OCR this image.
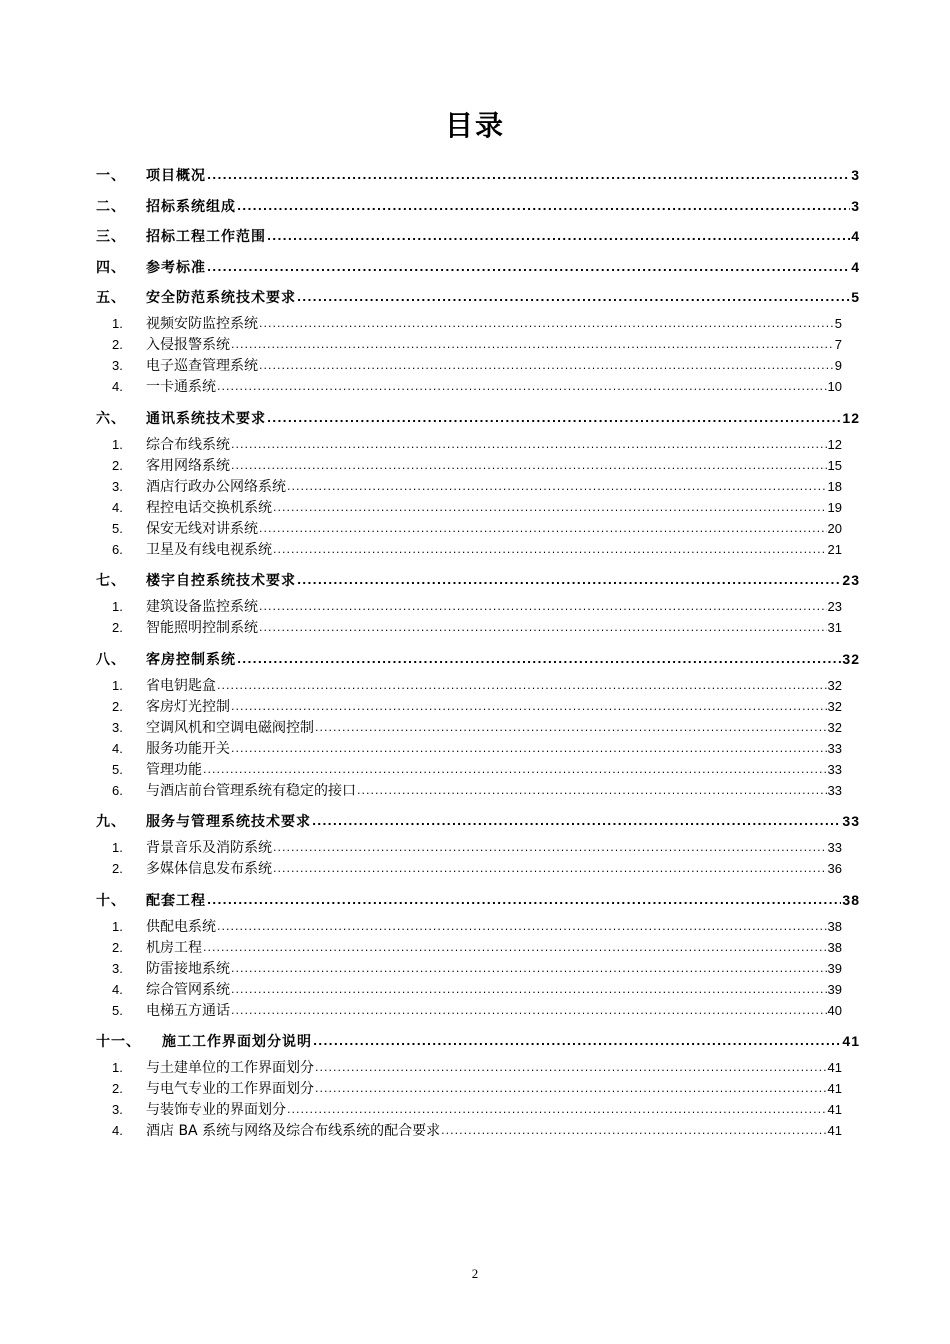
目录
一、	项目概况 .....	3
二、	招标系统组成 .....	3
三、	招标工程工作范围 .....	4
四、	参考标准 .....	4
五、	安全防范系统技术要求 .....	5
1.	视频安防监控系统 .....	5
2.	入侵报警系统 .....	7
3.	电子巡查管理系统 .....	9
4.	一卡通系统 .....	10
六、	通讯系统技术要求 .....	12
1.	综合布线系统 .....	12
2.	客用网络系统 .....	15
3.	酒店行政办公网络系统 .....	18
4.	程控电话交换机系统 .....	19
5.	保安无线对讲系统 .....	20
6.	卫星及有线电视系统 .....	21
七、	楼宇自控系统技术要求 .....	23
1.	建筑设备监控系统 .....	23
2.	智能照明控制系统 .....	31
八、	客房控制系统 .....	32
1.	省电钥匙盒 .....	32
2.	客房灯光控制 .....	32
3.	空调风机和空调电磁阀控制 .....	32
4.	服务功能开关 .....	33
5.	管理功能 .....	33
6.	与酒店前台管理系统有稳定的接口 .....	33
九、	服务与管理系统技术要求 .....	33
1.	背景音乐及消防系统 .....	33
2.	多媒体信息发布系统 .....	36
十、	配套工程 .....	38
1.	供配电系统 .....	38
2.	机房工程 .....	38
3.	防雷接地系统 .....	39
4.	综合管网系统 .....	39
5.	电梯五方通话 .....	40
十一、	施工工作界面划分说明 .....	41
1.	与土建单位的工作界面划分 .....	41
2.	与电气专业的工作界面划分 .....	41
3.	与装饰专业的界面划分 .....	41
4.	酒店 BA 系统与网络及综合布线系统的配合要求 .....	41
2
